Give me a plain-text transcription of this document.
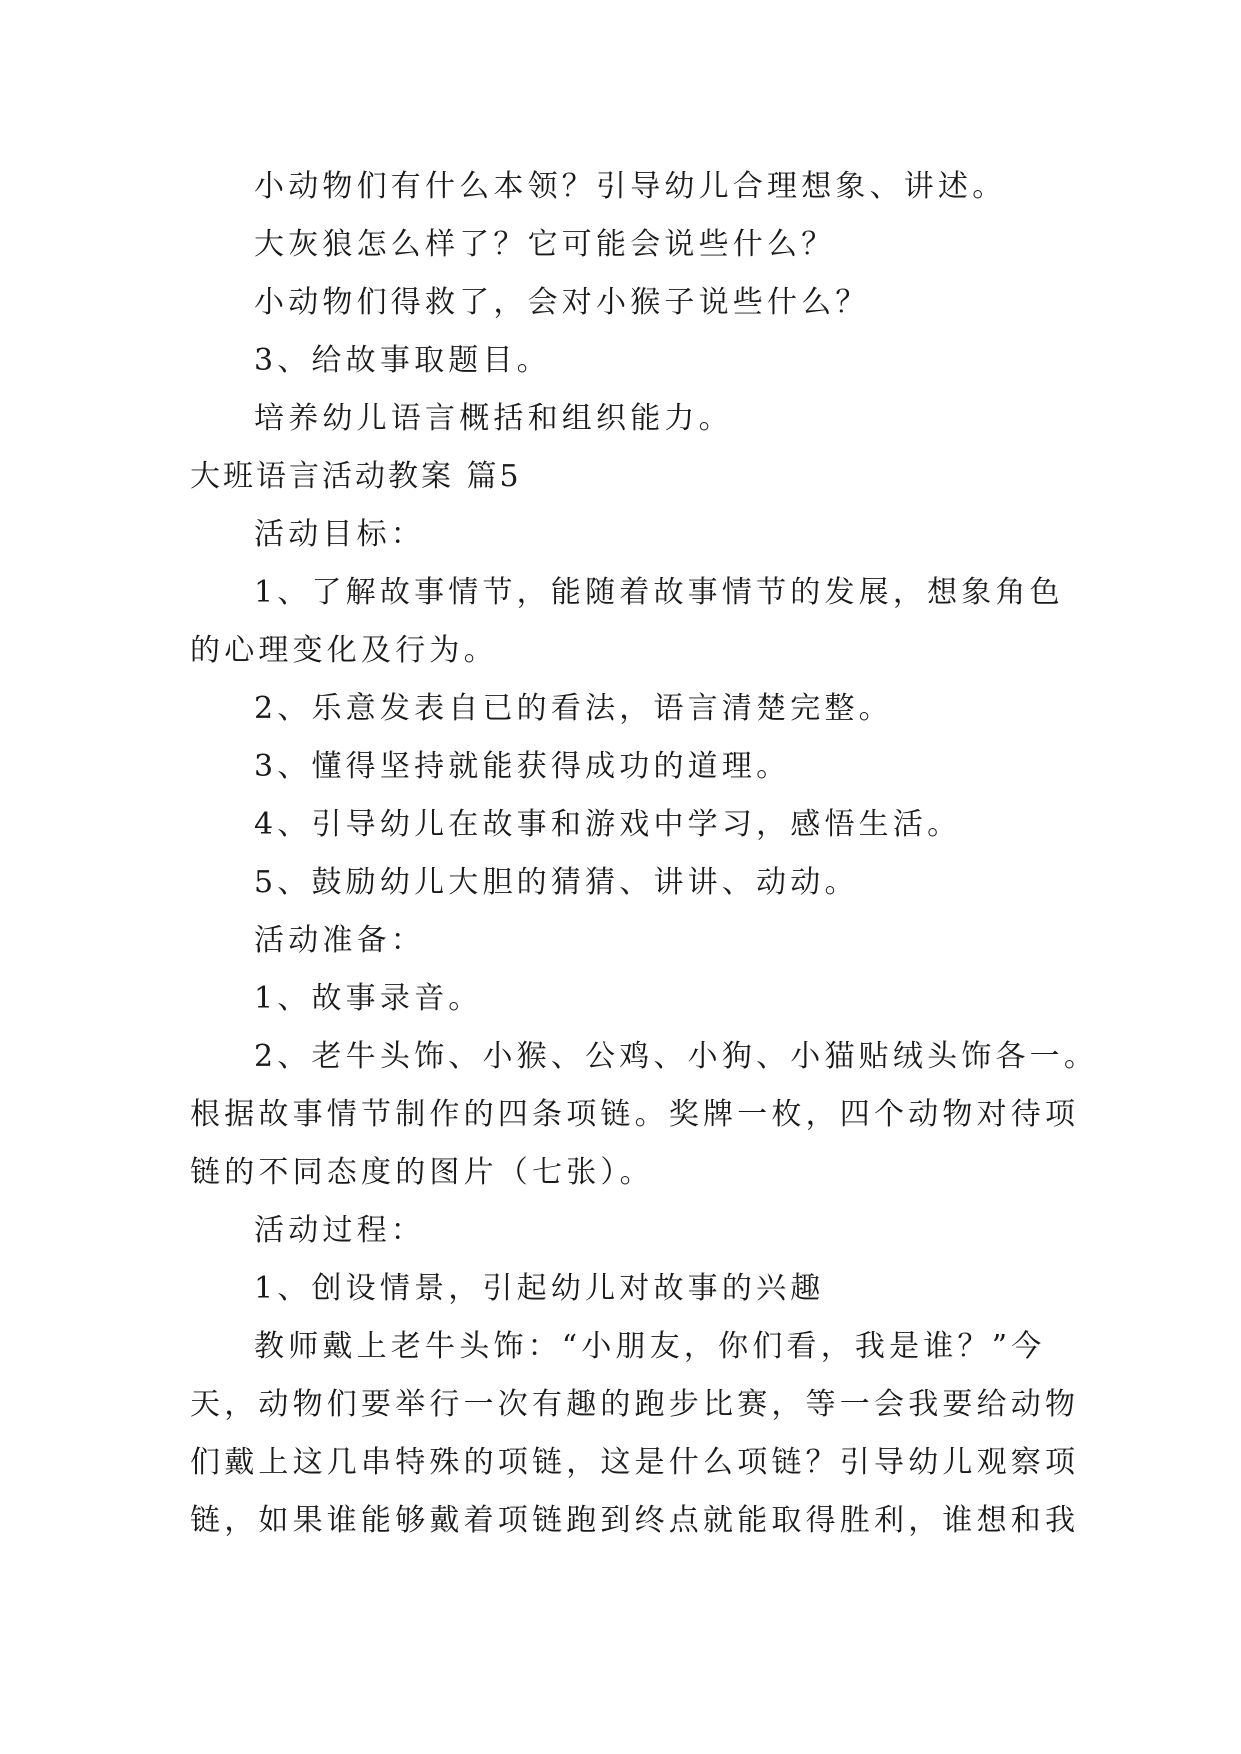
小动物们有什么本领？引导幼儿合理想象、讲述。
大灰狼怎么样了？它可能会说些什么？
小动物们得救了，会对小猴子说些什么？
3、给故事取题目。
培养幼儿语言概括和组织能力。
大班语言活动教案 篇5
活动目标：
1、了解故事情节，能随着故事情节的发展，想象角色
的心理变化及行为。
2、乐意发表自已的看法，语言清楚完整。
3、懂得坚持就能获得成功的道理。
4、引导幼儿在故事和游戏中学习，感悟生活。
5、鼓励幼儿大胆的猜猜、讲讲、动动。
活动准备：
1、故事录音。
2、老牛头饰、小猴、公鸡、小狗、小猫贴绒头饰各一。
根据故事情节制作的四条项链。奖牌一枚，四个动物对待项
链的不同态度的图片（七张）。
活动过程：
1、创设情景，引起幼儿对故事的兴趣
教师戴上老牛头饰：“小朋友，你们看，我是谁？”今
天，动物们要举行一次有趣的跑步比赛，等一会我要给动物
们戴上这几串特殊的项链，这是什么项链？引导幼儿观察项
链，如果谁能够戴着项链跑到终点就能取得胜利，谁想和我
